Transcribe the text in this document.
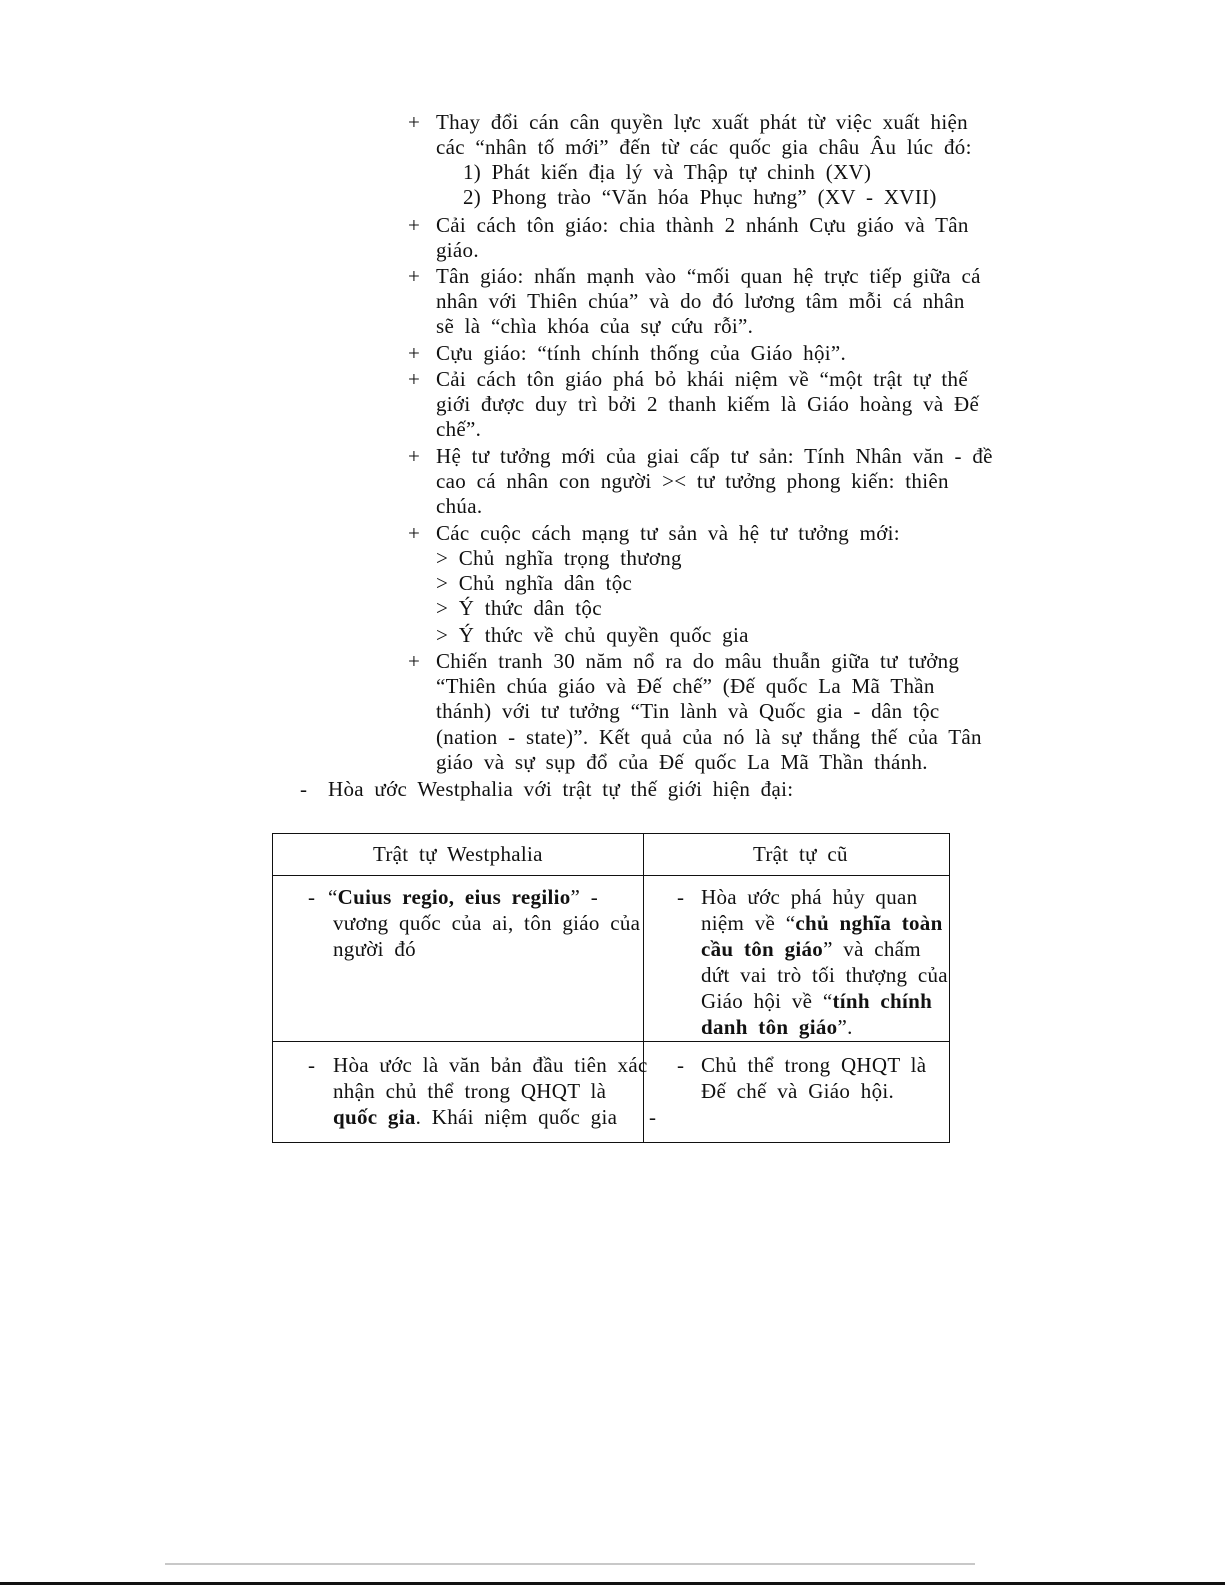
+ Thay đổi cán cân quyền lực xuất phát từ việc xuất hiện
các “nhân tố mới” đến từ các quốc gia châu Âu lúc đó:
1) Phát kiến địa lý và Thập tự chinh (XV)
2) Phong trào “Văn hóa Phục hưng” (XV - XVII)
+ Cải cách tôn giáo: chia thành 2 nhánh Cựu giáo và Tân
giáo.
+ Tân giáo: nhấn mạnh vào “mối quan hệ trực tiếp giữa cá
nhân với Thiên chúa” và do đó lương tâm mỗi cá nhân
sẽ là “chìa khóa của sự cứu rỗi”.
+ Cựu giáo: “tính chính thống của Giáo hội”.
+ Cải cách tôn giáo phá bỏ khái niệm về “một trật tự thế
giới được duy trì bởi 2 thanh kiếm là Giáo hoàng và Đế
chế”.
+ Hệ tư tưởng mới của giai cấp tư sản: Tính Nhân văn - đề
cao cá nhân con người >< tư tưởng phong kiến: thiên
chúa.
+ Các cuộc cách mạng tư sản và hệ tư tưởng mới:
> Chủ nghĩa trọng thương
> Chủ nghĩa dân tộc
> Ý thức dân tộc
> Ý thức về chủ quyền quốc gia
+ Chiến tranh 30 năm nổ ra do mâu thuẫn giữa tư tưởng
“Thiên chúa giáo và Đế chế” (Đế quốc La Mã Thần
thánh) với tư tưởng “Tin lành và Quốc gia - dân tộc
(nation - state)”. Kết quả của nó là sự thắng thế của Tân
giáo và sự sụp đổ của Đế quốc La Mã Thần thánh.
- Hòa ước Westphalia với trật tự thế giới hiện đại:
Trật tự Westphalia	Trật tự cũ
- “Cuius regio, eius regilio” -
vương quốc của ai, tôn giáo của
người đó
- Hòa ước phá hủy quan
niệm về “chủ nghĩa toàn
cầu tôn giáo” và chấm
dứt vai trò tối thượng của
Giáo hội về “tính chính
danh tôn giáo”.
- Hòa ước là văn bản đầu tiên xác
nhận chủ thể trong QHQT là
quốc gia. Khái niệm quốc gia -
- Chủ thể trong QHQT là
Đế chế và Giáo hội.
